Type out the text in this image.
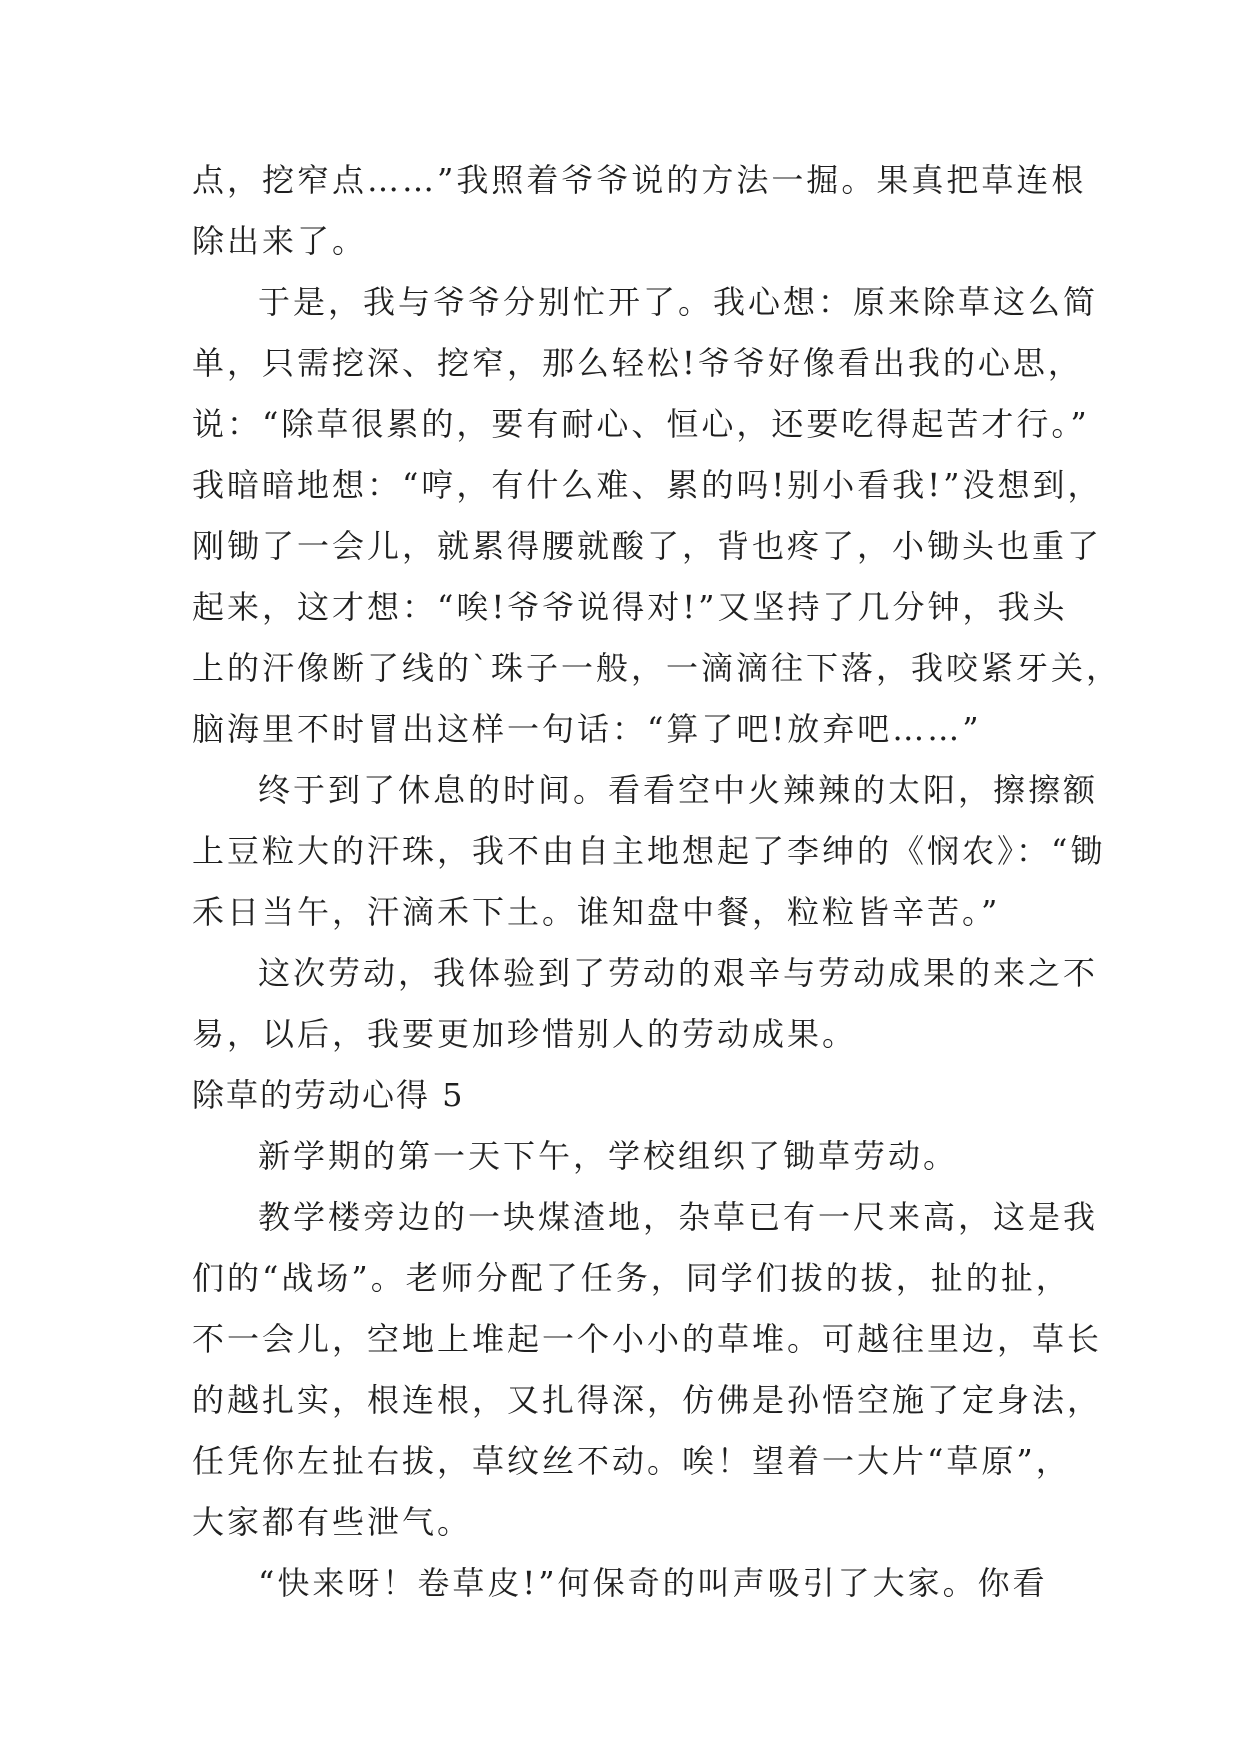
点，挖窄点……”我照着爷爷说的方法一掘。果真把草连根
除出来了。
于是，我与爷爷分别忙开了。我心想：原来除草这么简
单，只需挖深、挖窄，那么轻松!爷爷好像看出我的心思，
说：“除草很累的，要有耐心、恒心，还要吃得起苦才行。”
我暗暗地想：“哼，有什么难、累的吗!别小看我!”没想到，
刚锄了一会儿，就累得腰就酸了，背也疼了，小锄头也重了
起来，这才想：“唉!爷爷说得对!”又坚持了几分钟，我头
上的汗像断了线的`珠子一般，一滴滴往下落，我咬紧牙关，
脑海里不时冒出这样一句话：“算了吧!放弃吧……”
终于到了休息的时间。看看空中火辣辣的太阳，擦擦额
上豆粒大的汗珠，我不由自主地想起了李绅的《悯农》：“锄
禾日当午，汗滴禾下土。谁知盘中餐，粒粒皆辛苦。”
这次劳动，我体验到了劳动的艰辛与劳动成果的来之不
易，以后，我要更加珍惜别人的劳动成果。
除草的劳动心得 5
新学期的第一天下午，学校组织了锄草劳动。
教学楼旁边的一块煤渣地，杂草已有一尺来高，这是我
们的“战场”。老师分配了任务，同学们拔的拔，扯的扯，
不一会儿，空地上堆起一个小小的草堆。可越往里边，草长
的越扎实，根连根，又扎得深，仿佛是孙悟空施了定身法，
任凭你左扯右拔，草纹丝不动。唉！望着一大片“草原”，
大家都有些泄气。
“快来呀！卷草皮!”何保奇的叫声吸引了大家。你看
